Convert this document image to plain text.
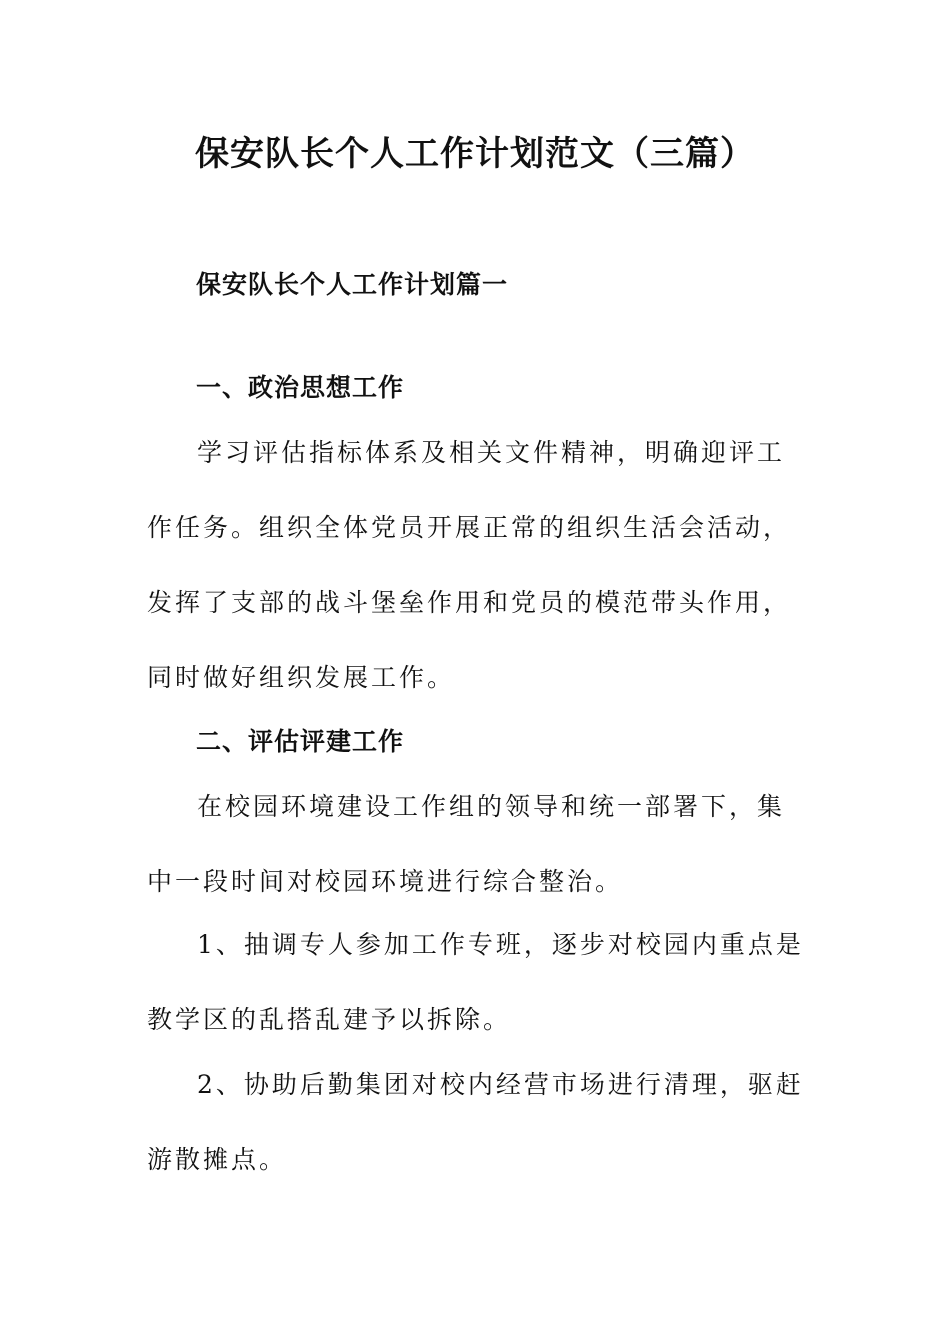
保安队长个人工作计划范文（三篇）
保安队长个人工作计划篇一
一、政治思想工作

学习评估指标体系及相关文件精神，明确迎评工作任务。组织全体党员开展正常的组织生活会活动，发挥了支部的战斗堡垒作用和党员的模范带头作用，同时做好组织发展工作。

二、评估评建工作

在校园环境建设工作组的领导和统一部署下，集中一段时间对校园环境进行综合整治。

1、抽调专人参加工作专班，逐步对校园内重点是教学区的乱搭乱建予以拆除。

2、协助后勤集团对校内经营市场进行清理，驱赶游散摊点。
